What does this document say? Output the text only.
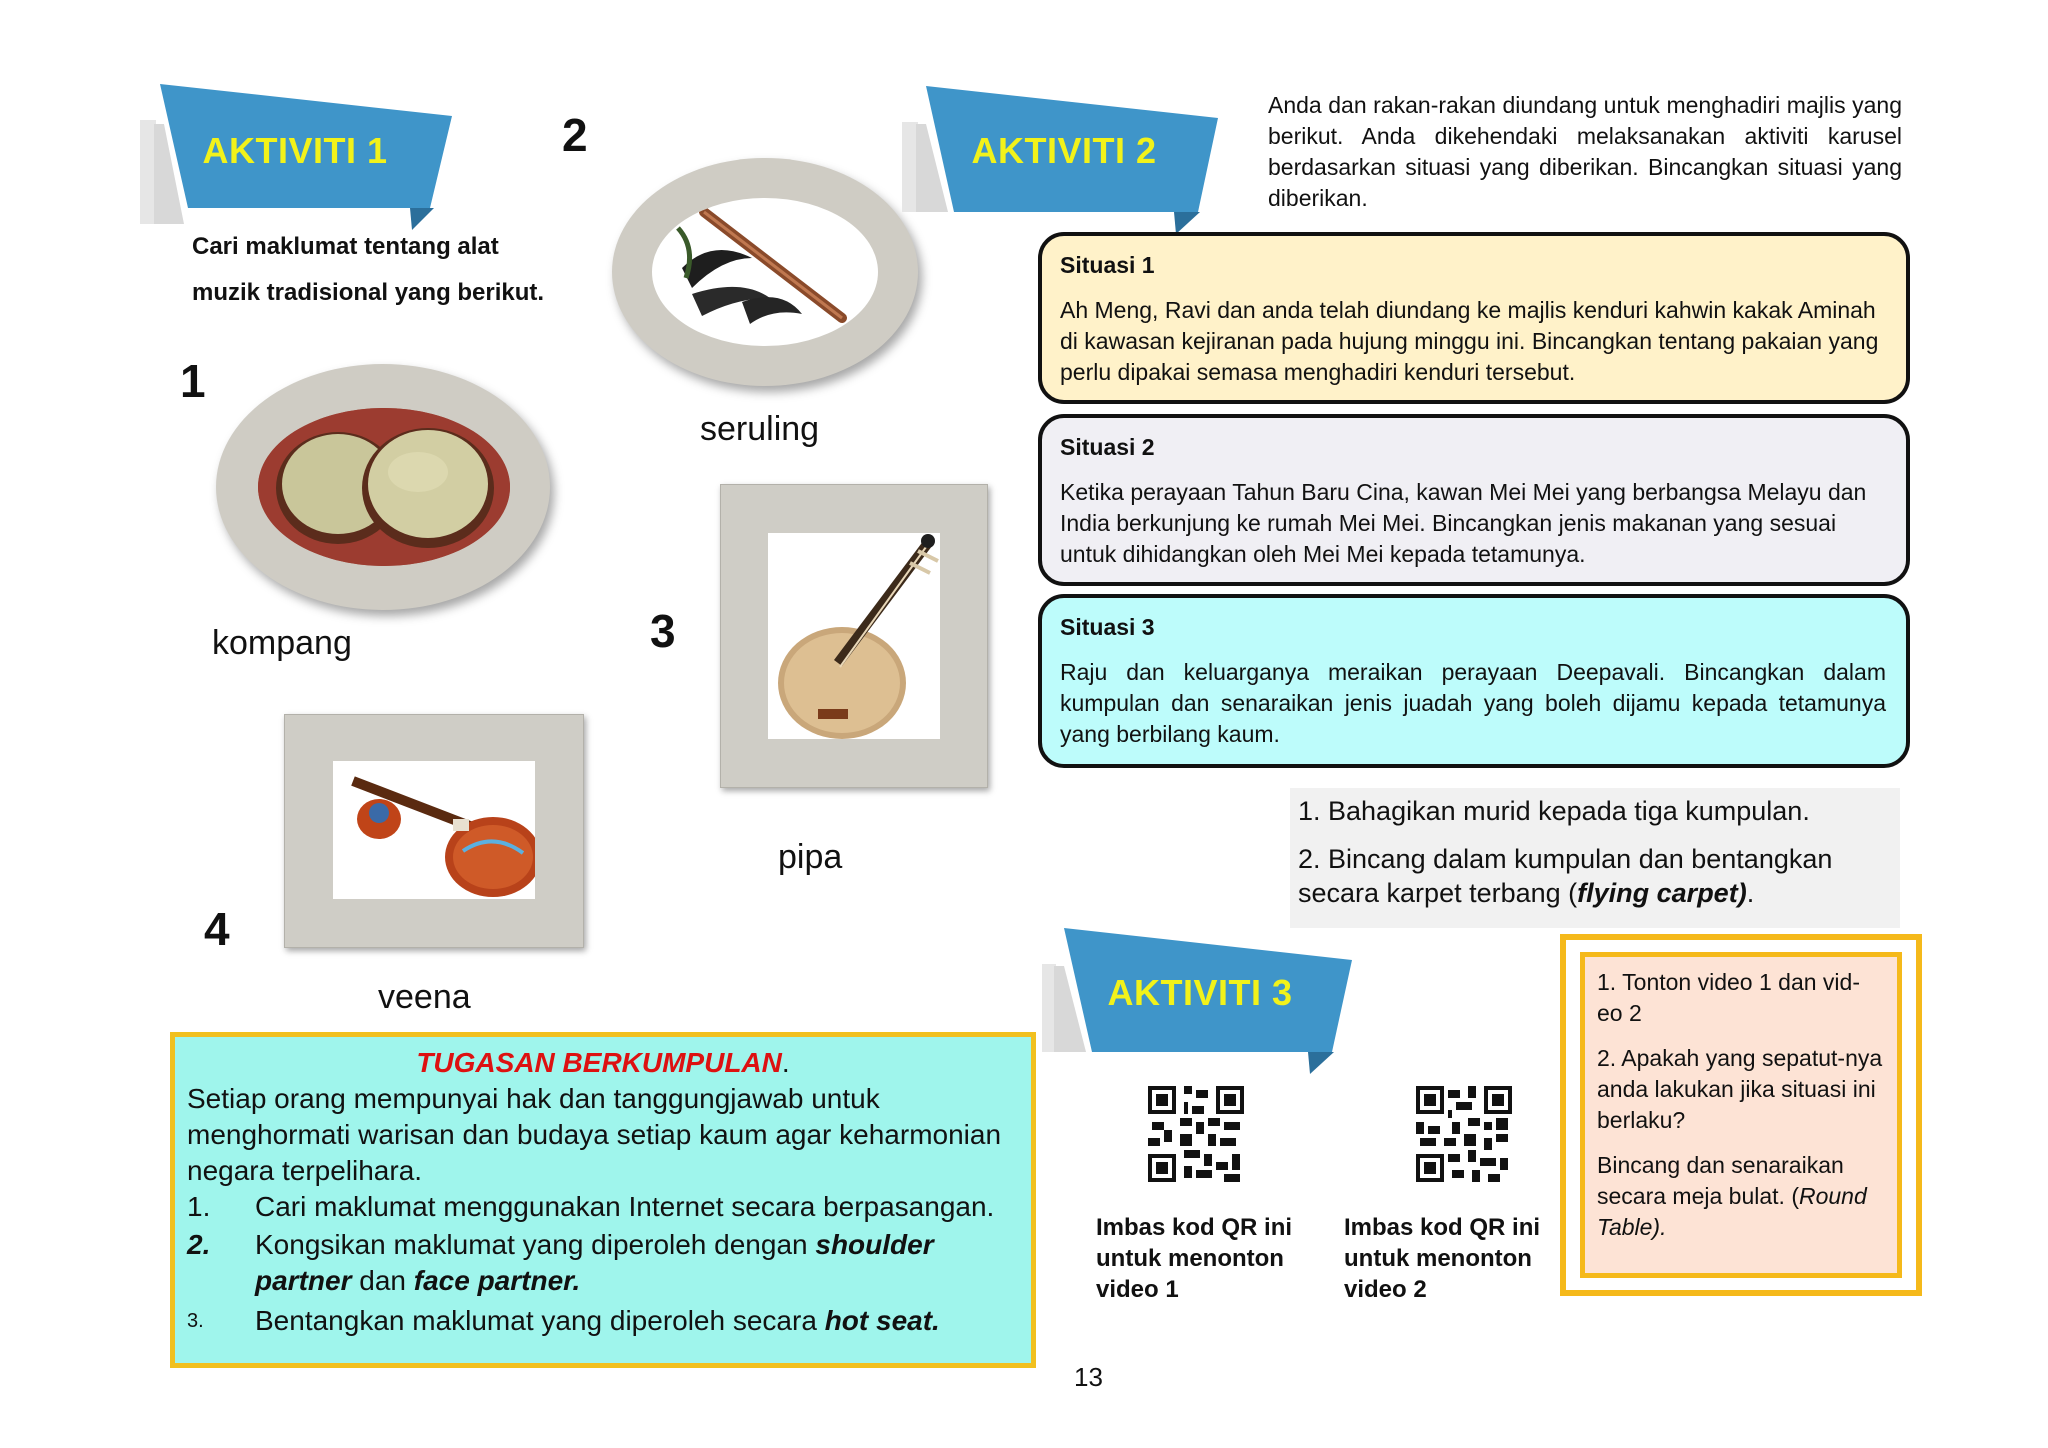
AKTIVITI 1
Cari maklumat tentang alat
muzik tradisional yang berikut.
2
seruling
1
kompang	3
pipa
4
veena
AKTIVITI 2
Anda dan rakan-rakan diundang untuk menghadiri majlis yang berikut. Anda dikehendaki melaksanakan aktiviti karusel berdasarkan situasi yang diberikan. Bincangkan situasi yang diberikan.
Situasi 1
Ah Meng, Ravi dan anda telah diundang ke majlis kenduri kahwin kakak Aminah di kawasan kejiranan pada hujung minggu ini. Bincangkan tentang pakaian yang perlu dipakai semasa menghadiri kenduri tersebut.
Situasi 2
Ketika perayaan Tahun Baru Cina, kawan Mei Mei yang berbangsa Melayu dan India berkunjung ke rumah Mei Mei. Bincangkan jenis makanan yang sesuai untuk dihidangkan oleh Mei Mei kepada tetamunya.
Situasi 3
Raju dan keluarganya meraikan perayaan Deepavali. Bincangkan dalam kumpulan dan senaraikan jenis juadah yang boleh dijamu kepada tetamunya yang berbilang kaum.
1. Bahagikan murid kepada tiga kumpulan.
2. Bincang dalam kumpulan dan bentangkan secara karpet terbang (flying carpet).
TUGASAN BERKUMPULAN.
Setiap orang mempunyai hak dan tanggungjawab untuk menghormati warisan dan budaya setiap kaum agar keharmonian negara terpelihara.
1.	Cari maklumat menggunakan Internet secara berpasangan.
2.	Kongsikan maklumat yang diperoleh dengan shoulder partner dan face partner.
3.	Bentangkan maklumat yang diperoleh secara hot seat.
AKTIVITI 3
Imbas kod QR ini untuk menonton video 1
Imbas kod QR ini untuk menonton video 2

1. Tonton video 1 dan vid-eo 2

2. Apakah yang sepatut-nya anda lakukan jika situasi ini berlaku?

Bincang dan senaraikan secara meja bulat. (Round Table).

13
